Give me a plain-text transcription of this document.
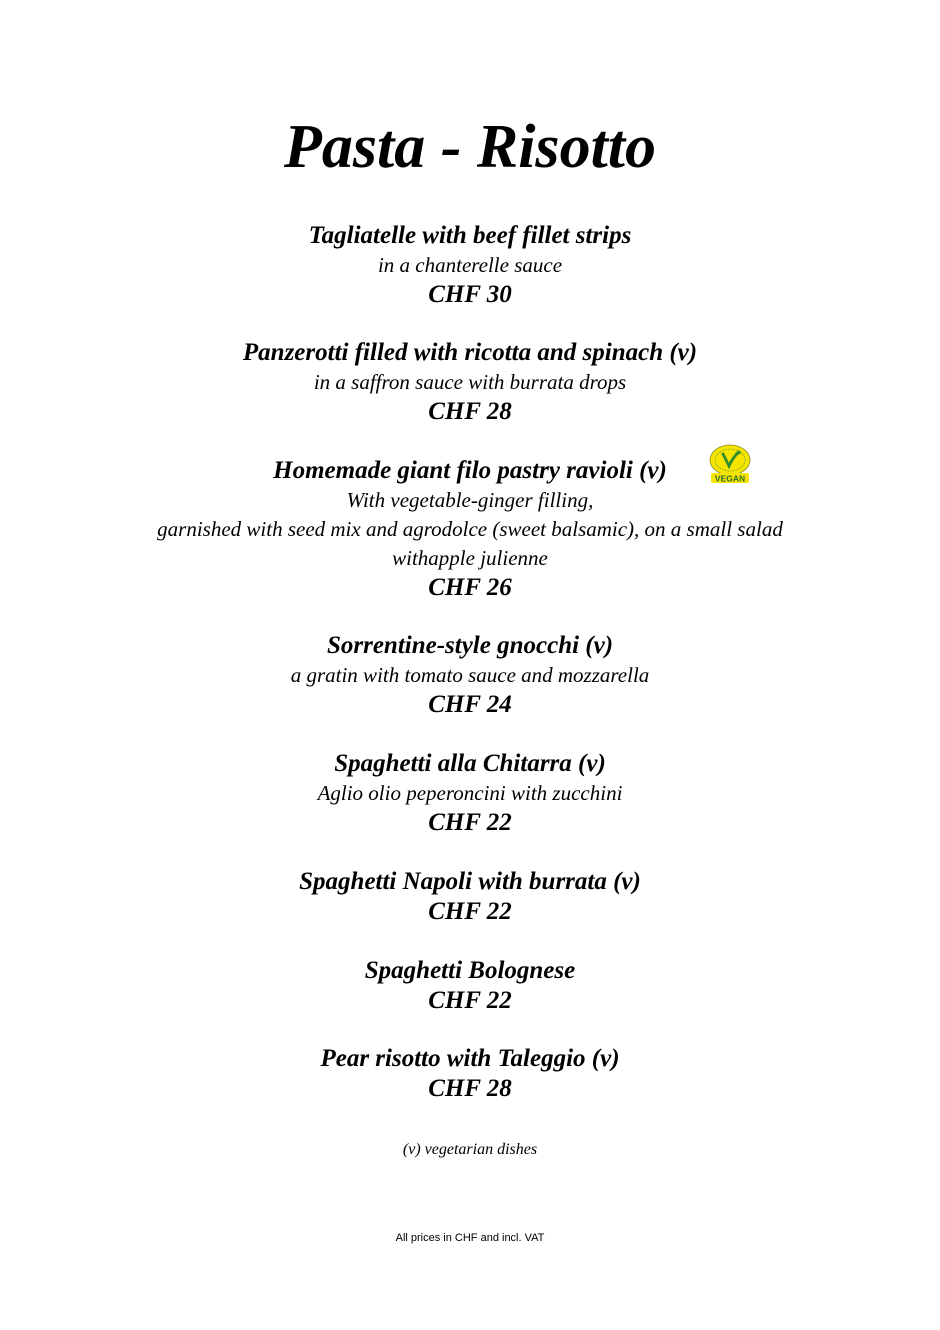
Pasta - Risotto
Tagliatelle with beef fillet strips
in a chanterelle sauce
CHF 30
Panzerotti filled with ricotta and spinach (v)
in a saffron sauce with burrata drops
CHF 28
Homemade giant filo pastry ravioli (v)
With vegetable-ginger filling,
garnished with seed mix and agrodolce (sweet balsamic), on a small salad
withapple julienne
CHF 26
VEGAN
Sorrentine-style gnocchi (v)
a gratin with tomato sauce and mozzarella
CHF 24
Spaghetti alla Chitarra (v)
Aglio olio peperoncini with zucchini
CHF 22
Spaghetti Napoli with burrata (v)
CHF 22
Spaghetti Bolognese
CHF 22
Pear risotto with Taleggio (v)
CHF 28
(v) vegetarian dishes
All prices in CHF and incl. VAT
